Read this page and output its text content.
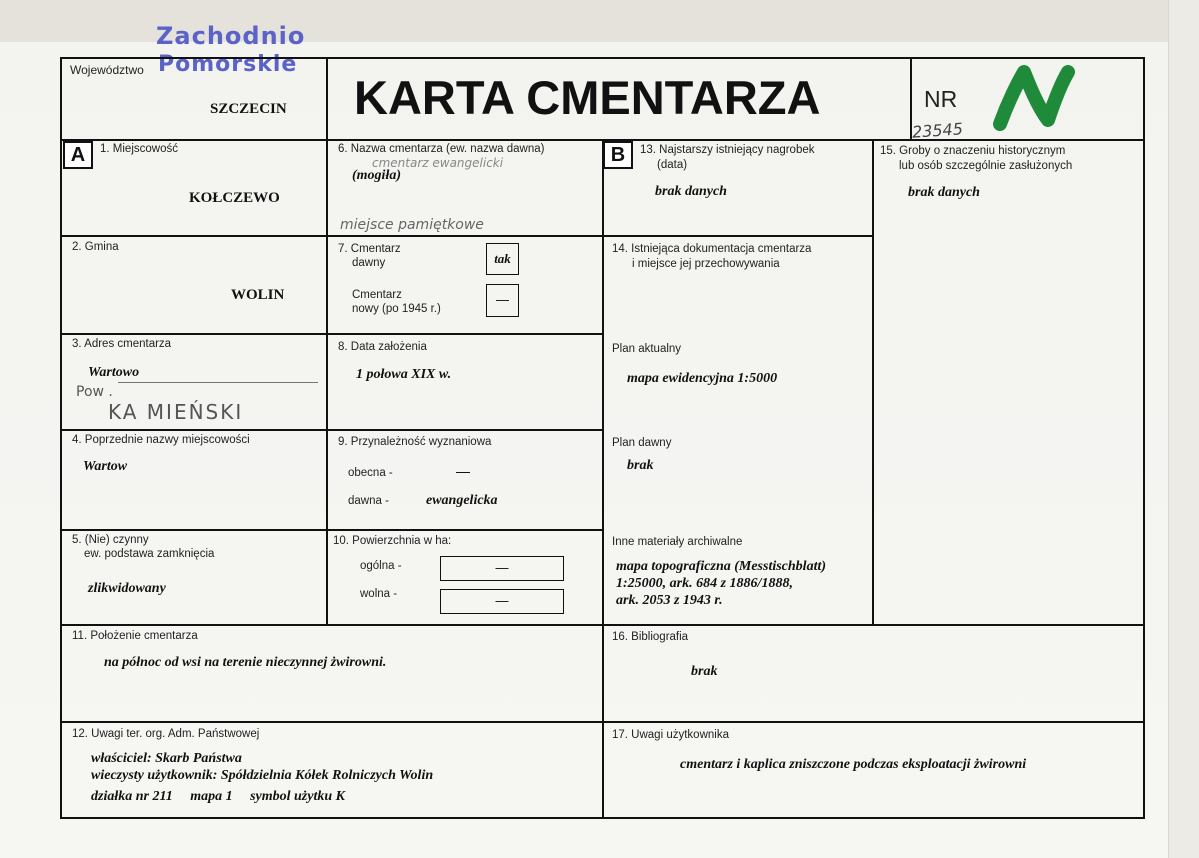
Zachodnio
Pomorskie
Województwo
SZCZECIN KARTA CMENTARZA	NR
23545
A	B
1. Miejscowość
KOŁCZEWO
2. Gmina
WOLIN
3. Adres cmentarza
Wartowo
Pow .
KA MIEŃSKI
4. Poprzednie nazwy miejscowości
Wartow
5. (Nie) czynny
ew. podstawa zamknięcia
zlikwidowany
6. Nazwa cmentarza (ew. nazwa dawna)
cmentarz ewangelicki
(mogiła)
miejsce pamiętkowe
7. Cmentarz
dawny	tak
Cmentarz
nowy (po 1945 r.)
—
8. Data założenia
1 połowa XIX w.
9. Przynależność wyznaniowa
obecna -	—
dawna -	ewangelicka
10. Powierzchnia w ha:
ogólna -	—
wolna -	—
11. Położenie cmentarza
na północ od wsi na terenie nieczynnej żwirowni.
12. Uwagi ter. org. Adm. Państwowej
właściciel: Skarb Państwa
wieczysty użytkownik: Spółdzielnia Kółek Rolniczych Wolin
działka nr 211     mapa 1     symbol użytku K
13. Najstarszy istniejący nagrobek
(data)
brak danych
14. Istniejąca dokumentacja cmentarza
i miejsce jej przechowywania
Plan aktualny
mapa ewidencyjna 1:5000
Plan dawny
brak
Inne materiały archiwalne
mapa topograficzna (Messtischblatt)
1:25000, ark. 684 z 1886/1888,
ark. 2053 z 1943 r.
15. Groby o znaczeniu historycznym
lub osób szczególnie zasłużonych
brak danych
16. Bibliografia
brak
17. Uwagi użytkownika
cmentarz i kaplica zniszczone podczas eksploatacji żwirowni
